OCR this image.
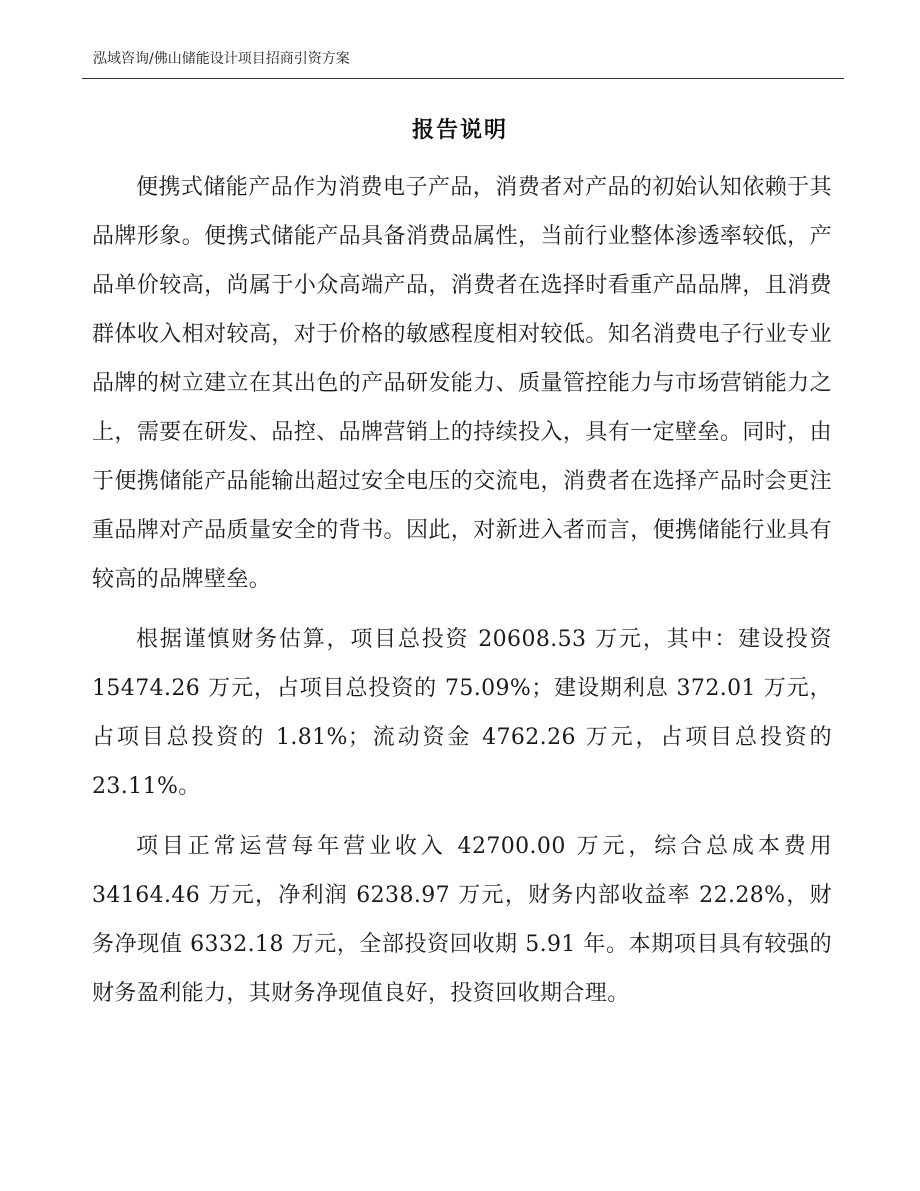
泓域咨询/佛山储能设计项目招商引资方案
报告说明

便携式储能产品作为消费电子产品，消费者对产品的初始认知依赖于其品牌形象。便携式储能产品具备消费品属性，当前行业整体渗透率较低，产品单价较高，尚属于小众高端产品，消费者在选择时看重产品品牌，且消费群体收入相对较高，对于价格的敏感程度相对较低。知名消费电子行业专业品牌的树立建立在其出色的产品研发能力、质量管控能力与市场营销能力之上，需要在研发、品控、品牌营销上的持续投入，具有一定壁垒。同时，由于便携储能产品能输出超过安全电压的交流电，消费者在选择产品时会更注重品牌对产品质量安全的背书。因此，对新进入者而言，便携储能行业具有较高的品牌壁垒。

根据谨慎财务估算，项目总投资 20608.53 万元，其中：建设投资 15474.26 万元，占项目总投资的 75.09%；建设期利息 372.01 万元，占项目总投资的 1.81%；流动资金 4762.26 万元，占项目总投资的 23.11%。

项目正常运营每年营业收入 42700.00 万元，综合总成本费用 34164.46 万元，净利润 6238.97 万元，财务内部收益率 22.28%，财务净现值 6332.18 万元，全部投资回收期 5.91 年。本期项目具有较强的财务盈利能力，其财务净现值良好，投资回收期合理。
